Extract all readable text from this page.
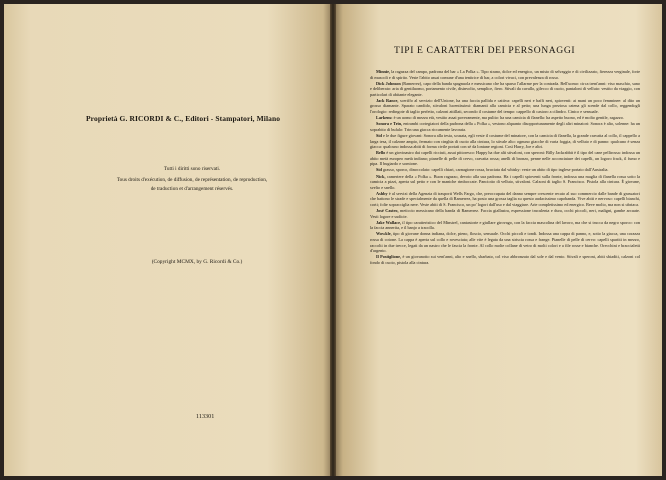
Proprietà G. RICORDI & C., Editori - Stampatori, Milano
Tutti i diritti sono riservati.
Tous droits d'exécution, de diffusion, de représentation, de reproduction,
de traduction et d'arrangement réservés.
(Copyright MCMX, by G. Ricordi & Co.)
113301
TIPI E CARATTERI DEI PERSONAGGI

Minnie, la ragazza del campo, padrona del bar « La Polka ». Tipo strano, dolce ed energico, un misto di selvaggio e di civilizzato, fierezza verginale, forte di muscoli e di spirito. Veste l'abito assai comune d'una tenitrice di bar, a colori vivaci, con prevalenza di rosso.

Dick Johnson (Ramerrez), capo della banda spagnuola e messicano che ha sparso l'allarme per la contrada. Bell'uomo: circa trent'anni: viso maschio, sano e deliberato: aria di gentiluomo, portamento civile, disinvolto, semplice, fiero. Stivali da cavallo, gilecco di cuoio, pantaloni di velluto: vestito da viaggio, con particolari di abitante elegante.

Jack Rance, sceriffo al servizio dell'Unione, ha una faccia pallida e cattiva: capelli neri e baffi neri, spioventi: ai mani un poco femminee: al dito un grosso diamante. Sparato candido, stivaloni lucentissimi: diamanti alla camicia e al petto; una lunga preziosa catena gli scende dal collo, reggendogli l'orologio: redingote di taglio perfetto, calzoni attillati, secondo il costume del tempo: cappello di castoro a cilindro. Cinico e sensuale.

Larkens: è un uomo di mezza età, vestito assai poveramente, ma pulito: ha una camicia di flanella: ha aspetto buono, ed è molto gentile, ragazzo.

Sonora e Trin, entrambi cortegiatori della padrona della « Polka », vestono alquanto disopportunamente degli altri minatori: Sonora è alto, solenne: ha un soprabito di bufalo: Trin una giacca riccamente lavorata.

Sid e le due figure giovani: Sonora alla testa, scusata, egli veste il costume del minatore, con la camicia di flanella, la grande cravatta al collo, il cappello a larga tesa, il calzone ampio, fermato con cinghia di cuoio alla cintura, lo stivale alto: ognuno giacche di varia foggia, di velluto e di panno: qualcuno è senza giacca: qualcuno indossa abiti di forma civile portati con sè da lontane regioni. Così Harry, Joe e altri.

Bello è un giovinastro dai capelli ricciuti, assai pittoresco: Happy ha due alti stivaloni, con speroni: Billy Jackrabbit è il tipo del cane pellirossa: indossa un abito metà europeo metà indiano; pianelle di pelle di cervo, cravatta rossa; anelli di bronzo, penne nelle acconciature dei capelli, un logoro frack, il fumo e pipa. Il bugiardo e sornione.

Sid grasso, sporco, dinoccolato: capelli chiari, carnagione rossa, bruciata dal whisky: veste un abito di tipo inglese portato dall'Australia.

Nick, cameriere della « Polka ». Buon ragazzo, devoto alla sua padrona. Ha i capelli spioventi sulla fronte, indossa una maglia di flanella rossa sotto la camicia a pizzi, aperta sul petto e con le maniche rimboccate. Panciotto di velluto, stivaloni. Calzoni di taglio S. Francisco. Pistola alla cintura. È giovane, svelto e snello.

Ashby è al servizi della Agenzia di trasporti Wells Fargo, che, preoccupata del danno sempre crescente recato al suo commercio dalle bande di grassatori che battono le strade e specialmente da quella di Ramerrez, ha posto una grossa taglia su questo audacissimo capobanda. Vive abiti e nervoso: capelli bianchi, corti; folte sopracciglia nere. Veste abiti di S. Francisco, un po' logori dall'uso e dal viaggiare. Arie completissimo ed energico. Beve molto, ma non si ubriaca.

José Castro, meticcio messicano della banda di Ramerrez. Faccia giallastra, espressione truculenta e dura, occhi piccoli, neri, maligni, gambe arcuate. Vesti logore e sudicie.

Jake Wallace, il tipo caratteristico del Minstrel, cantastorie e giullare girovago, con la faccia mascolina del lavoro, ma che si trucca da negro sporco: con la faccia annerita, e il banjo a tracolla.

Wowkle, tipo di giovane donna indiana, dolce, pieno, floscio, sensuale. Occhi piccoli e tondi. Indossa una cappa di panno, e, sotto la giacca, una corazza rossa di cotone. La cappa è aperta sul collo e rovesciata; alle vite è legata da una striscia rossa e frange. Pianelle di pelle di cervo: capelli spartiti in mezzo, raccolti in due trecce, legati da un nastro che le fascia la fronte. Al collo molte collane di vetro di molti colori e a file rosse e bianche. Orecchini e braccialetti d'argento.

Il Postiglione, è un giovanotto sui vent'anni, alto e snello, sbarbato, col viso abbronzato dal sole e dal vento. Stivali e speroni, abiti sbiaditi, calzoni col fondo di cuoio, pistola alla cintura.
